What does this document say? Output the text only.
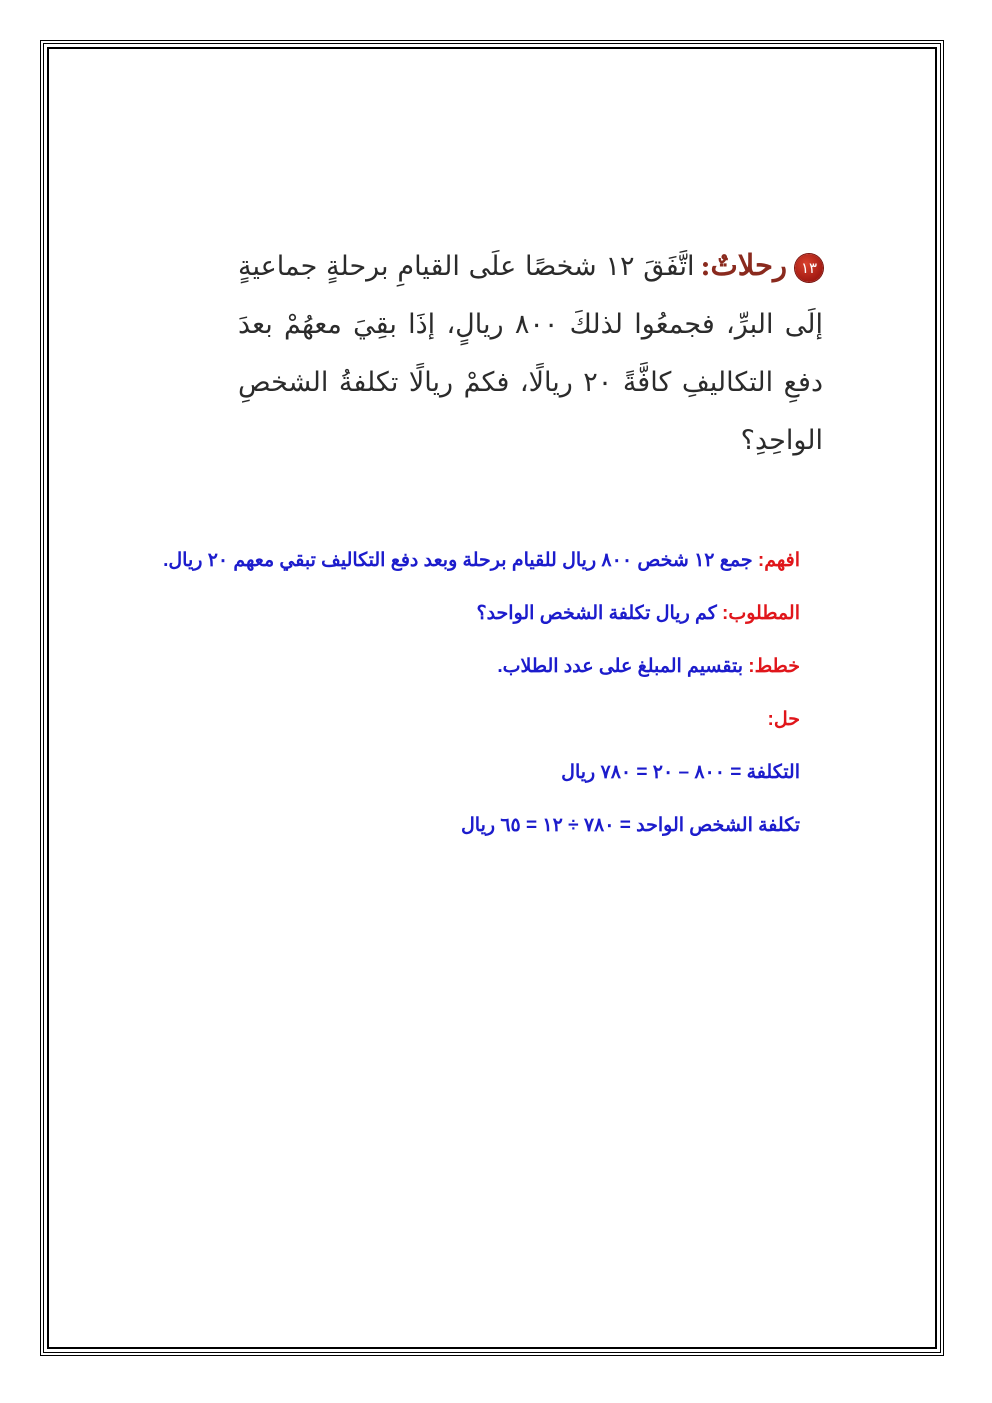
١٣رحلاتٌ:اتَّفَقَ ١٢ شخصًا علَى القيامِ برحلةٍ جماعيةٍ إلَى البرِّ، فجمعُوا لذلكَ ٨٠٠ ريالٍ، إذَا بقِيَ معهُمْ بعدَ دفعِ التكاليفِ كافَّةً ٢٠ ريالًا، فكمْ ريالًا تكلفةُ الشخصِ الواحِدِ؟
افهم: جمع ١٢ شخص ٨٠٠ ريال للقيام برحلة وبعد دفع التكاليف تبقي معهم ٢٠ ريال.
المطلوب: كم ريال تكلفة الشخص الواحد؟
خطط: بتقسيم المبلغ على عدد الطلاب.
حل:
التكلفة = ٨٠٠ – ٢٠ = ٧٨٠ ريال
تكلفة الشخص الواحد = ٧٨٠ ÷ ١٢ = ٦٥ ريال
